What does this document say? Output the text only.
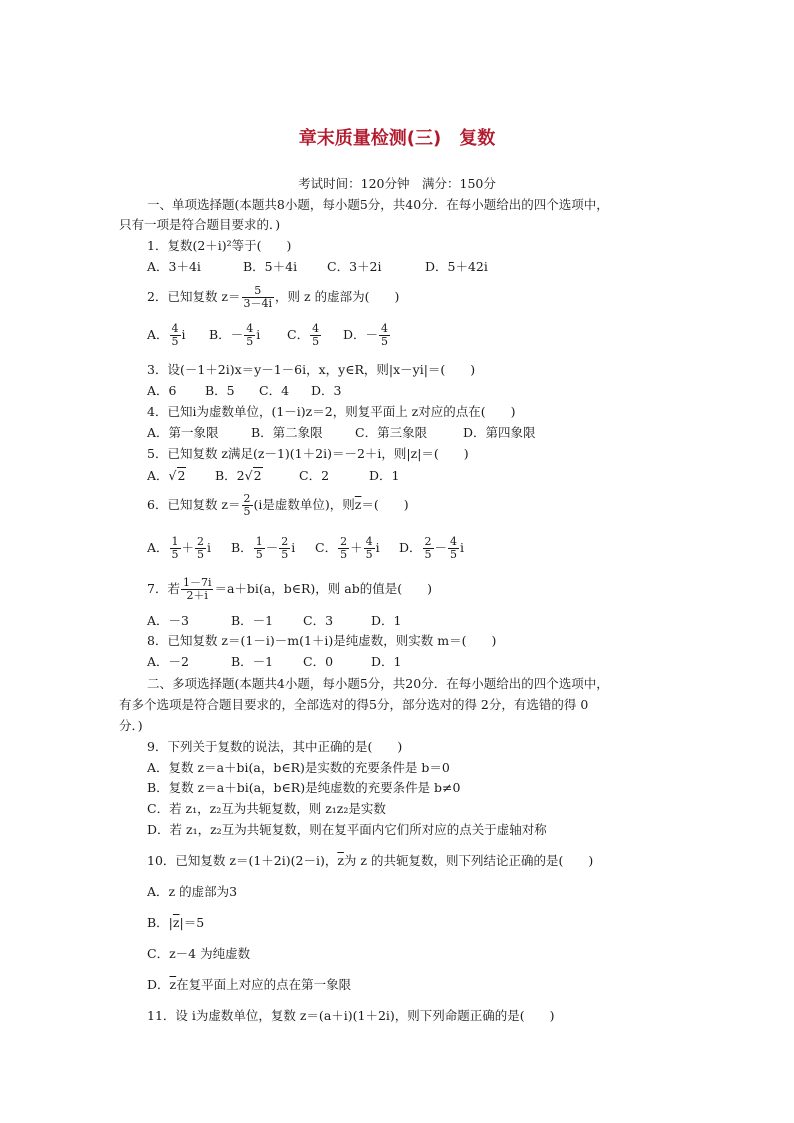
章末质量检测(三)　复数
考试时间：120分钟　满分：150分
一、单项选择题(本题共8小题，每小题5分，共40分．在每小题给出的四个选项中，
只有一项是符合题目要求的．)
1．复数(2＋i)²等于(　　)
A．3＋4i	B．5＋4i C．3＋2i	D．5＋42i
2．已知复数 $z= \frac{5}{3-4i}$ ，则 z 的虚部为(　　)
A． $\frac{4}{5}$ i B．－ $\frac{4}{5}$ i C． $\frac{4}{5}$ D．－ $\frac{4}{5}$
3．设(－1＋2i)x＝y－1－6i，x，y∈R，则|x－yi|＝(　　)
A．6 B．5 C．4 D．3
4．已知i为虚数单位，(1－i)z＝2，则复平面上 z对应的点在(　　)
A．第一象限	B．第二象限	C．第三象限	D．第四象限
5．已知复数 z满足(z－1)(1＋2i)＝－2＋i，则|z|＝(　　)
A．√2 B．2√2	C．2	D．1
6．已知复数 $z= \frac{2}{5} (i$是虚数单位)，则$\overline{z}=$(　　)
A． $\frac{1}{5} + \frac{2}{5}$ i B． $\frac{1}{5} - \frac{2}{5}$ i C． $\frac{2}{5} + \frac{4}{5}$ i D． $\frac{2}{5} - \frac{4}{5}$ i
7．若 $\frac{1-7i}{2+i} =a+bi(a$，b∈R)，则 ab的值是(　　)
A．－3	B．－1 C．3	D．1
8．已知复数 z＝(1－i)－m(1＋i)是纯虚数，则实数 m＝(　　)
A．－2	B．－1 C．0	D．1
二、多项选择题(本题共4小题，每小题5分，共20分．在每小题给出的四个选项中，
有多个选项是符合题目要求的，全部选对的得5分，部分选对的得 2分，有选错的得 0
分．)
9．下列关于复数的说法，其中正确的是(　　)
A．复数 z＝a＋bi(a，b∈R)是实数的充要条件是 b＝0
B．复数 z＝a＋bi(a，b∈R)是纯虚数的充要条件是 b≠0
C．若 z₁，z₂互为共轭复数，则 z₁z₂是实数
D．若 z₁，z₂互为共轭复数，则在复平面内它们所对应的点关于虚轴对称
10．已知复数 z＝(1＋2i)(2－i)，$\overline{z}$为 z 的共轭复数，则下列结论正确的是(　　)
A．z 的虚部为3
B．$|\overline{z}|=5$
C．z－4 为纯虚数
D．$\overline{z}$在复平面上对应的点在第一象限
11．设 i为虚数单位，复数 z＝(a＋i)(1＋2i)，则下列命题正确的是(　　)
